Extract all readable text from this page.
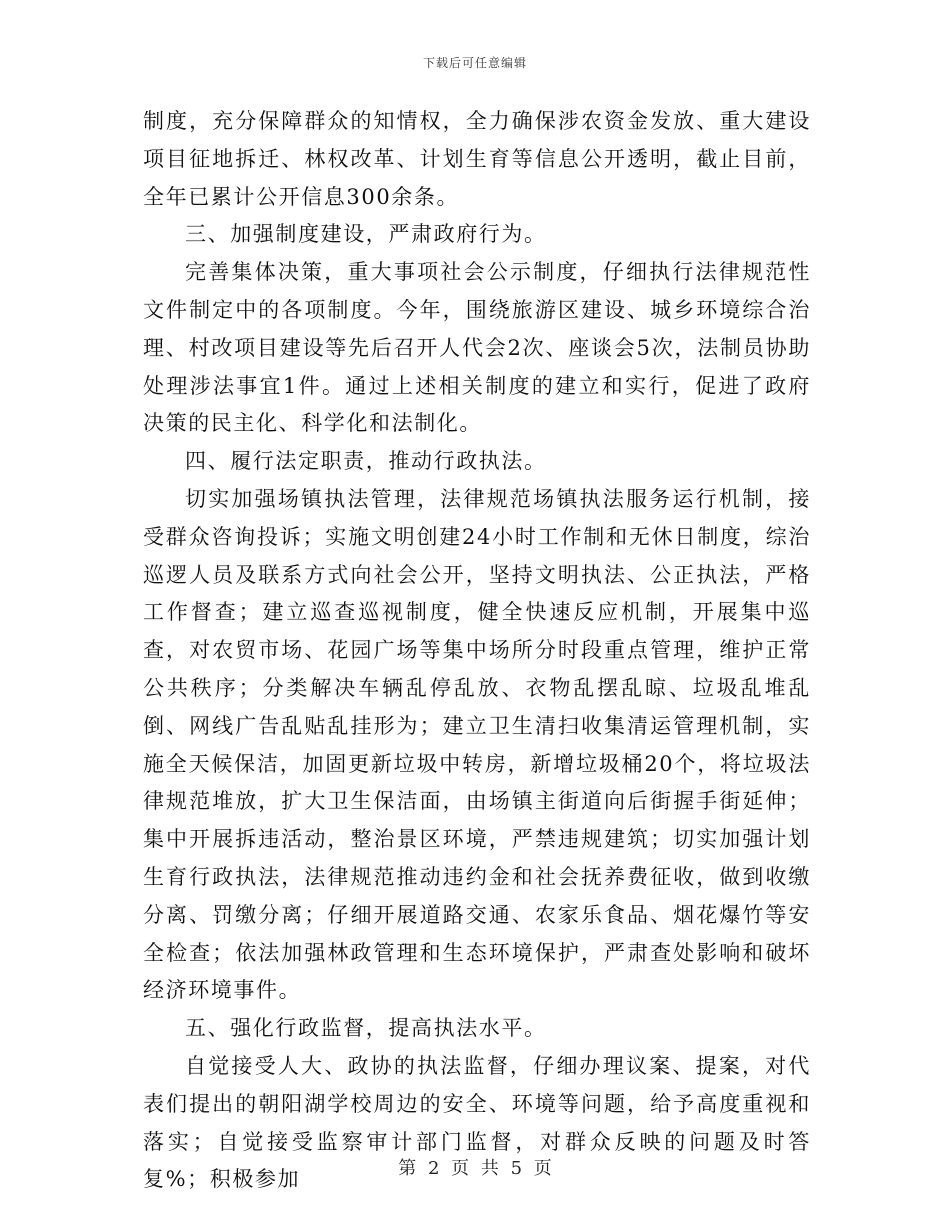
下载后可任意编辑

制度，充分保障群众的知情权，全力确保涉农资金发放、重大建设项目征地拆迁、林权改革、计划生育等信息公开透明，截止目前，全年已累计公开信息300余条。

三、加强制度建设，严肃政府行为。

完善集体决策，重大事项社会公示制度，仔细执行法律规范性文件制定中的各项制度。今年，围绕旅游区建设、城乡环境综合治理、村改项目建设等先后召开人代会2次、座谈会5次，法制员协助处理涉法事宜1件。通过上述相关制度的建立和实行，促进了政府决策的民主化、科学化和法制化。

四、履行法定职责，推动行政执法。

切实加强场镇执法管理，法律规范场镇执法服务运行机制，接受群众咨询投诉；实施文明创建24小时工作制和无休日制度，综治巡逻人员及联系方式向社会公开，坚持文明执法、公正执法，严格工作督查；建立巡查巡视制度，健全快速反应机制，开展集中巡查，对农贸市场、花园广场等集中场所分时段重点管理，维护正常公共秩序；分类解决车辆乱停乱放、衣物乱摆乱晾、垃圾乱堆乱倒、网线广告乱贴乱挂形为；建立卫生清扫收集清运管理机制，实施全天候保洁，加固更新垃圾中转房，新增垃圾桶20个，将垃圾法律规范堆放，扩大卫生保洁面，由场镇主街道向后街握手街延伸；集中开展拆违活动，整治景区环境，严禁违规建筑；切实加强计划生育行政执法，法律规范推动违约金和社会抚养费征收，做到收缴分离、罚缴分离；仔细开展道路交通、农家乐食品、烟花爆竹等安全检查；依法加强林政管理和生态环境保护，严肃查处影响和破坏经济环境事件。

五、强化行政监督，提高执法水平。

自觉接受人大、政协的执法监督，仔细办理议案、提案，对代表们提出的朝阳湖学校周边的安全、环境等问题，给予高度重视和落实；自觉接受监察审计部门监督，对群众反映的问题及时答复%；积极参加	第 2 页 共 5 页
